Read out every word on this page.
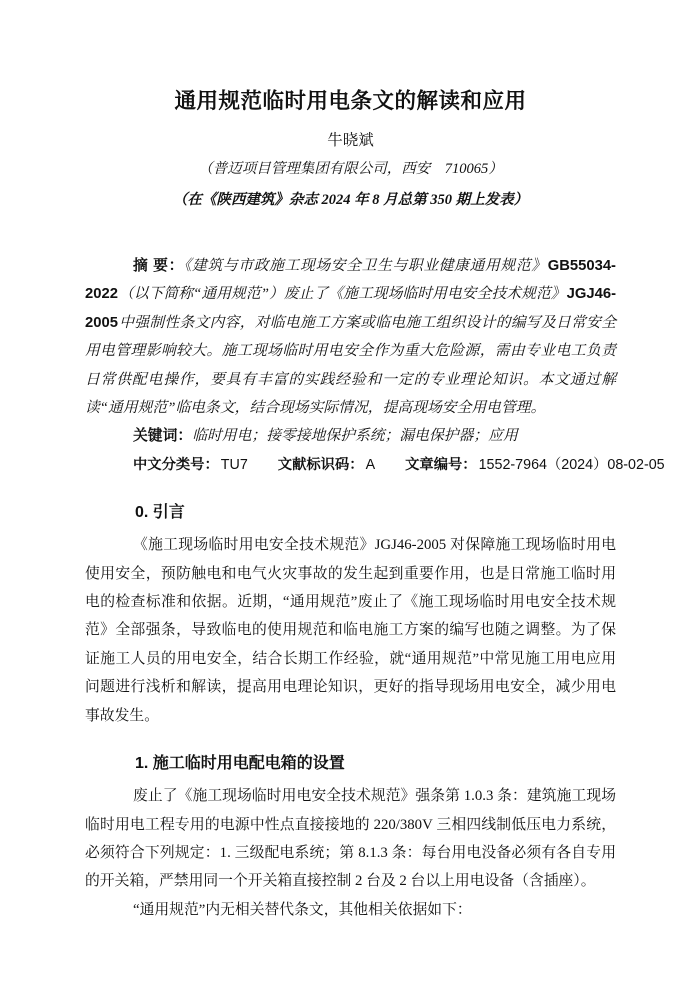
通用规范临时用电条文的解读和应用
牛晓斌
（普迈项目管理集团有限公司，西安　710065）
（在《陕西建筑》杂志 2024 年 8 月总第 350 期上发表）

摘 要：《建筑与市政施工现场安全卫生与职业健康通用规范》GB55034-2022（以下简称“通用规范”）废止了《施工现场临时用电安全技术规范》JGJ46-2005中强制性条文内容，对临电施工方案或临电施工组织设计的编写及日常安全用电管理影响较大。施工现场临时用电安全作为重大危险源，需由专业电工负责日常供配电操作，要具有丰富的实践经验和一定的专业理论知识。本文通过解读“通用规范”临电条文，结合现场实际情况，提高现场安全用电管理。

关键词：临时用电；接零接地保护系统；漏电保护器；应用

中文分类号： TU7 文献标识码： A 文章编号： 1552-7964（2024）08-02-05

0. 引言

《施工现场临时用电安全技术规范》JGJ46-2005 对保障施工现场临时用电使用安全，预防触电和电气火灾事故的发生起到重要作用，也是日常施工临时用电的检查标准和依据。近期，“通用规范”废止了《施工现场临时用电安全技术规范》全部强条，导致临电的使用规范和临电施工方案的编写也随之调整。为了保证施工人员的用电安全，结合长期工作经验，就“通用规范”中常见施工用电应用问题进行浅析和解读，提高用电理论知识，更好的指导现场用电安全，减少用电事故发生。

1. 施工临时用电配电箱的设置

废止了《施工现场临时用电安全技术规范》强条第 1.0.3 条：建筑施工现场临时用电工程专用的电源中性点直接接地的 220/380V 三相四线制低压电力系统，必须符合下列规定：1. 三级配电系统；第 8.1.3 条：每台用电没备必须有各自专用的开关箱，严禁用同一个开关箱直接控制 2 台及 2 台以上用电设备（含插座）。

“通用规范”内无相关替代条文，其他相关依据如下：
